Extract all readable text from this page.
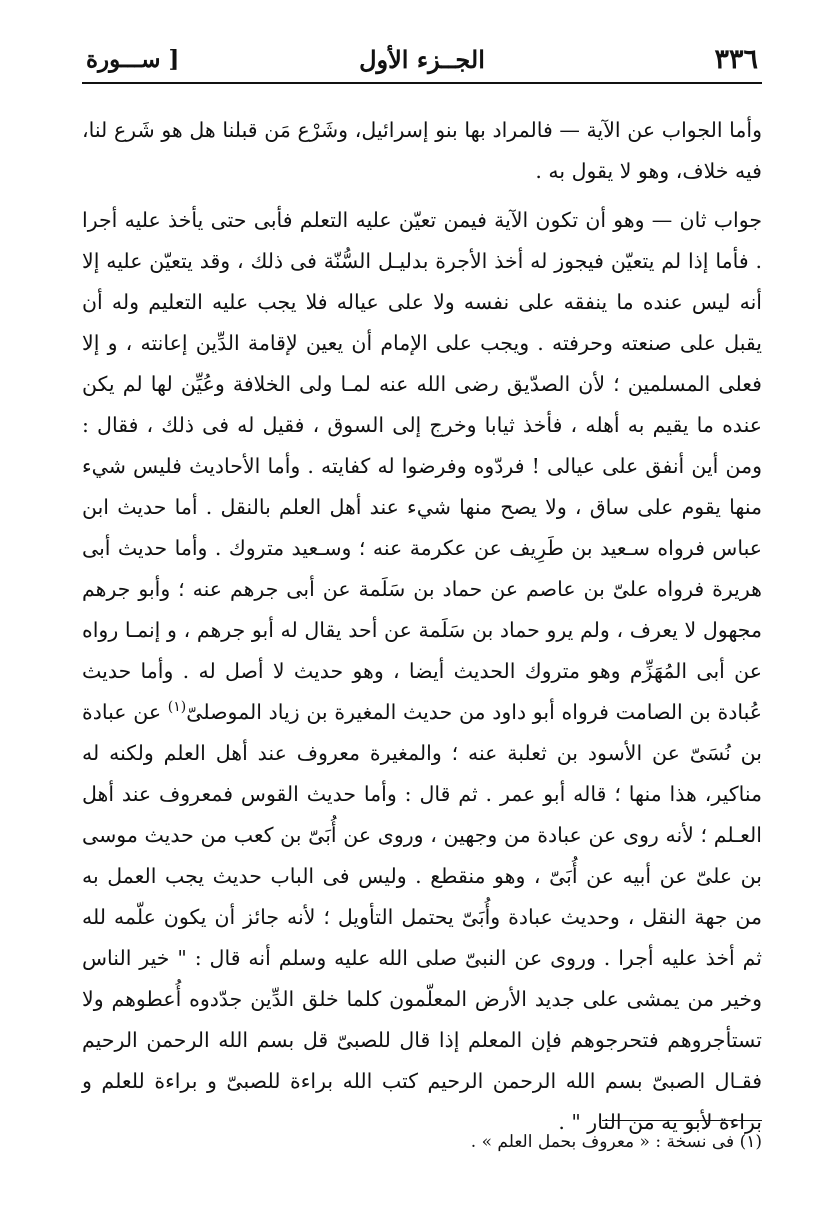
٣٣٦
الجــزء الأول
[ ســـورة

وأما الجواب عن الآية — فالمراد بها بنو إسرائيل، وشَرْع مَن قبلنا هل هو شَرع لنا، فيه خلاف، وهو لا يقول به .

جواب ثان — وهو أن تكون الآية فيمن تعيّن عليه التعلم فأبى حتى يأخذ عليه أجرا . فأما إذا لم يتعيّن فيجوز له أخذ الأجرة بدليـل السُّنّة فى ذلك ، وقد يتعيّن عليه إلا أنه ليس عنده ما ينفقه على نفسه ولا على عياله فلا يجب عليه التعليم وله أن يقبل على صنعته وحرفته . ويجب على الإمام أن يعين لإقامة الدِّين إعانته ، و إلا فعلى المسلمين ؛ لأن الصدّيق رضى الله عنه لمـا ولى الخلافة وعُيِّن لها لم يكن عنده ما يقيم به أهله ، فأخذ ثيابا وخرج إلى السوق ، فقيل له فى ذلك ، فقال : ومن أين أنفق على عيالى ! فردّوه وفرضوا له كفايته . وأما الأحاديث فليس شيء منها يقوم على ساق ، ولا يصح منها شيء عند أهل العلم بالنقل . أما حديث ابن عباس فرواه سـعيد بن طَرِيف عن عكرمة عنه ؛ وسـعيد متروك . وأما حديث أبى هريرة فرواه علىّ بن عاصم عن حماد بن سَلَمة عن أبى جرهم عنه ؛ وأبو جرهم مجهول لا يعرف ، ولم يرو حماد بن سَلَمة عن أحد يقال له أبو جرهم ، و إنمـا رواه عن أبى المُهَزِّم وهو متروك الحديث أيضا ، وهو حديث لا أصل له . وأما حديث عُبادة بن الصامت فرواه أبو داود من حديث المغيرة بن زياد الموصلىّ$^{(١)}$ عن عبادة بن نُسَىّ عن الأسود بن ثعلبة عنه ؛ والمغيرة معروف عند أهل العلم ولكنه له مناكير، هذا منها ؛ قاله أبو عمر . ثم قال : وأما حديث القوس فمعروف عند أهل العـلم ؛ لأنه روى عن عبادة من وجهين ، وروى عن أُبَىّ بن كعب من حديث موسى بن علىّ عن أبيه عن أُبَىّ ، وهو منقطع . وليس فى الباب حديث يجب العمل به من جهة النقل ، وحديث عبادة وأُبَىّ يحتمل التأويل ؛ لأنه جائز أن يكون علّمه لله ثم أخذ عليه أجرا . وروى عن النبىّ صلى الله عليه وسلم أنه قال : " خير الناس وخير من يمشى على جديد الأرض المعلّمون كلما خلق الدِّين جدّدوه أُعطوهم ولا تستأجروهم فتحرجوهم فإن المعلم إذا قال للصبىّ قل بسم الله الرحمن الرحيم فقـال الصبىّ بسم الله الرحمن الرحيم كتب الله براءة للصبىّ و براءة للعلم و براءة لأبو يه من النار " .

(١) فى نسخة : « معروف بحمل العلم » .
